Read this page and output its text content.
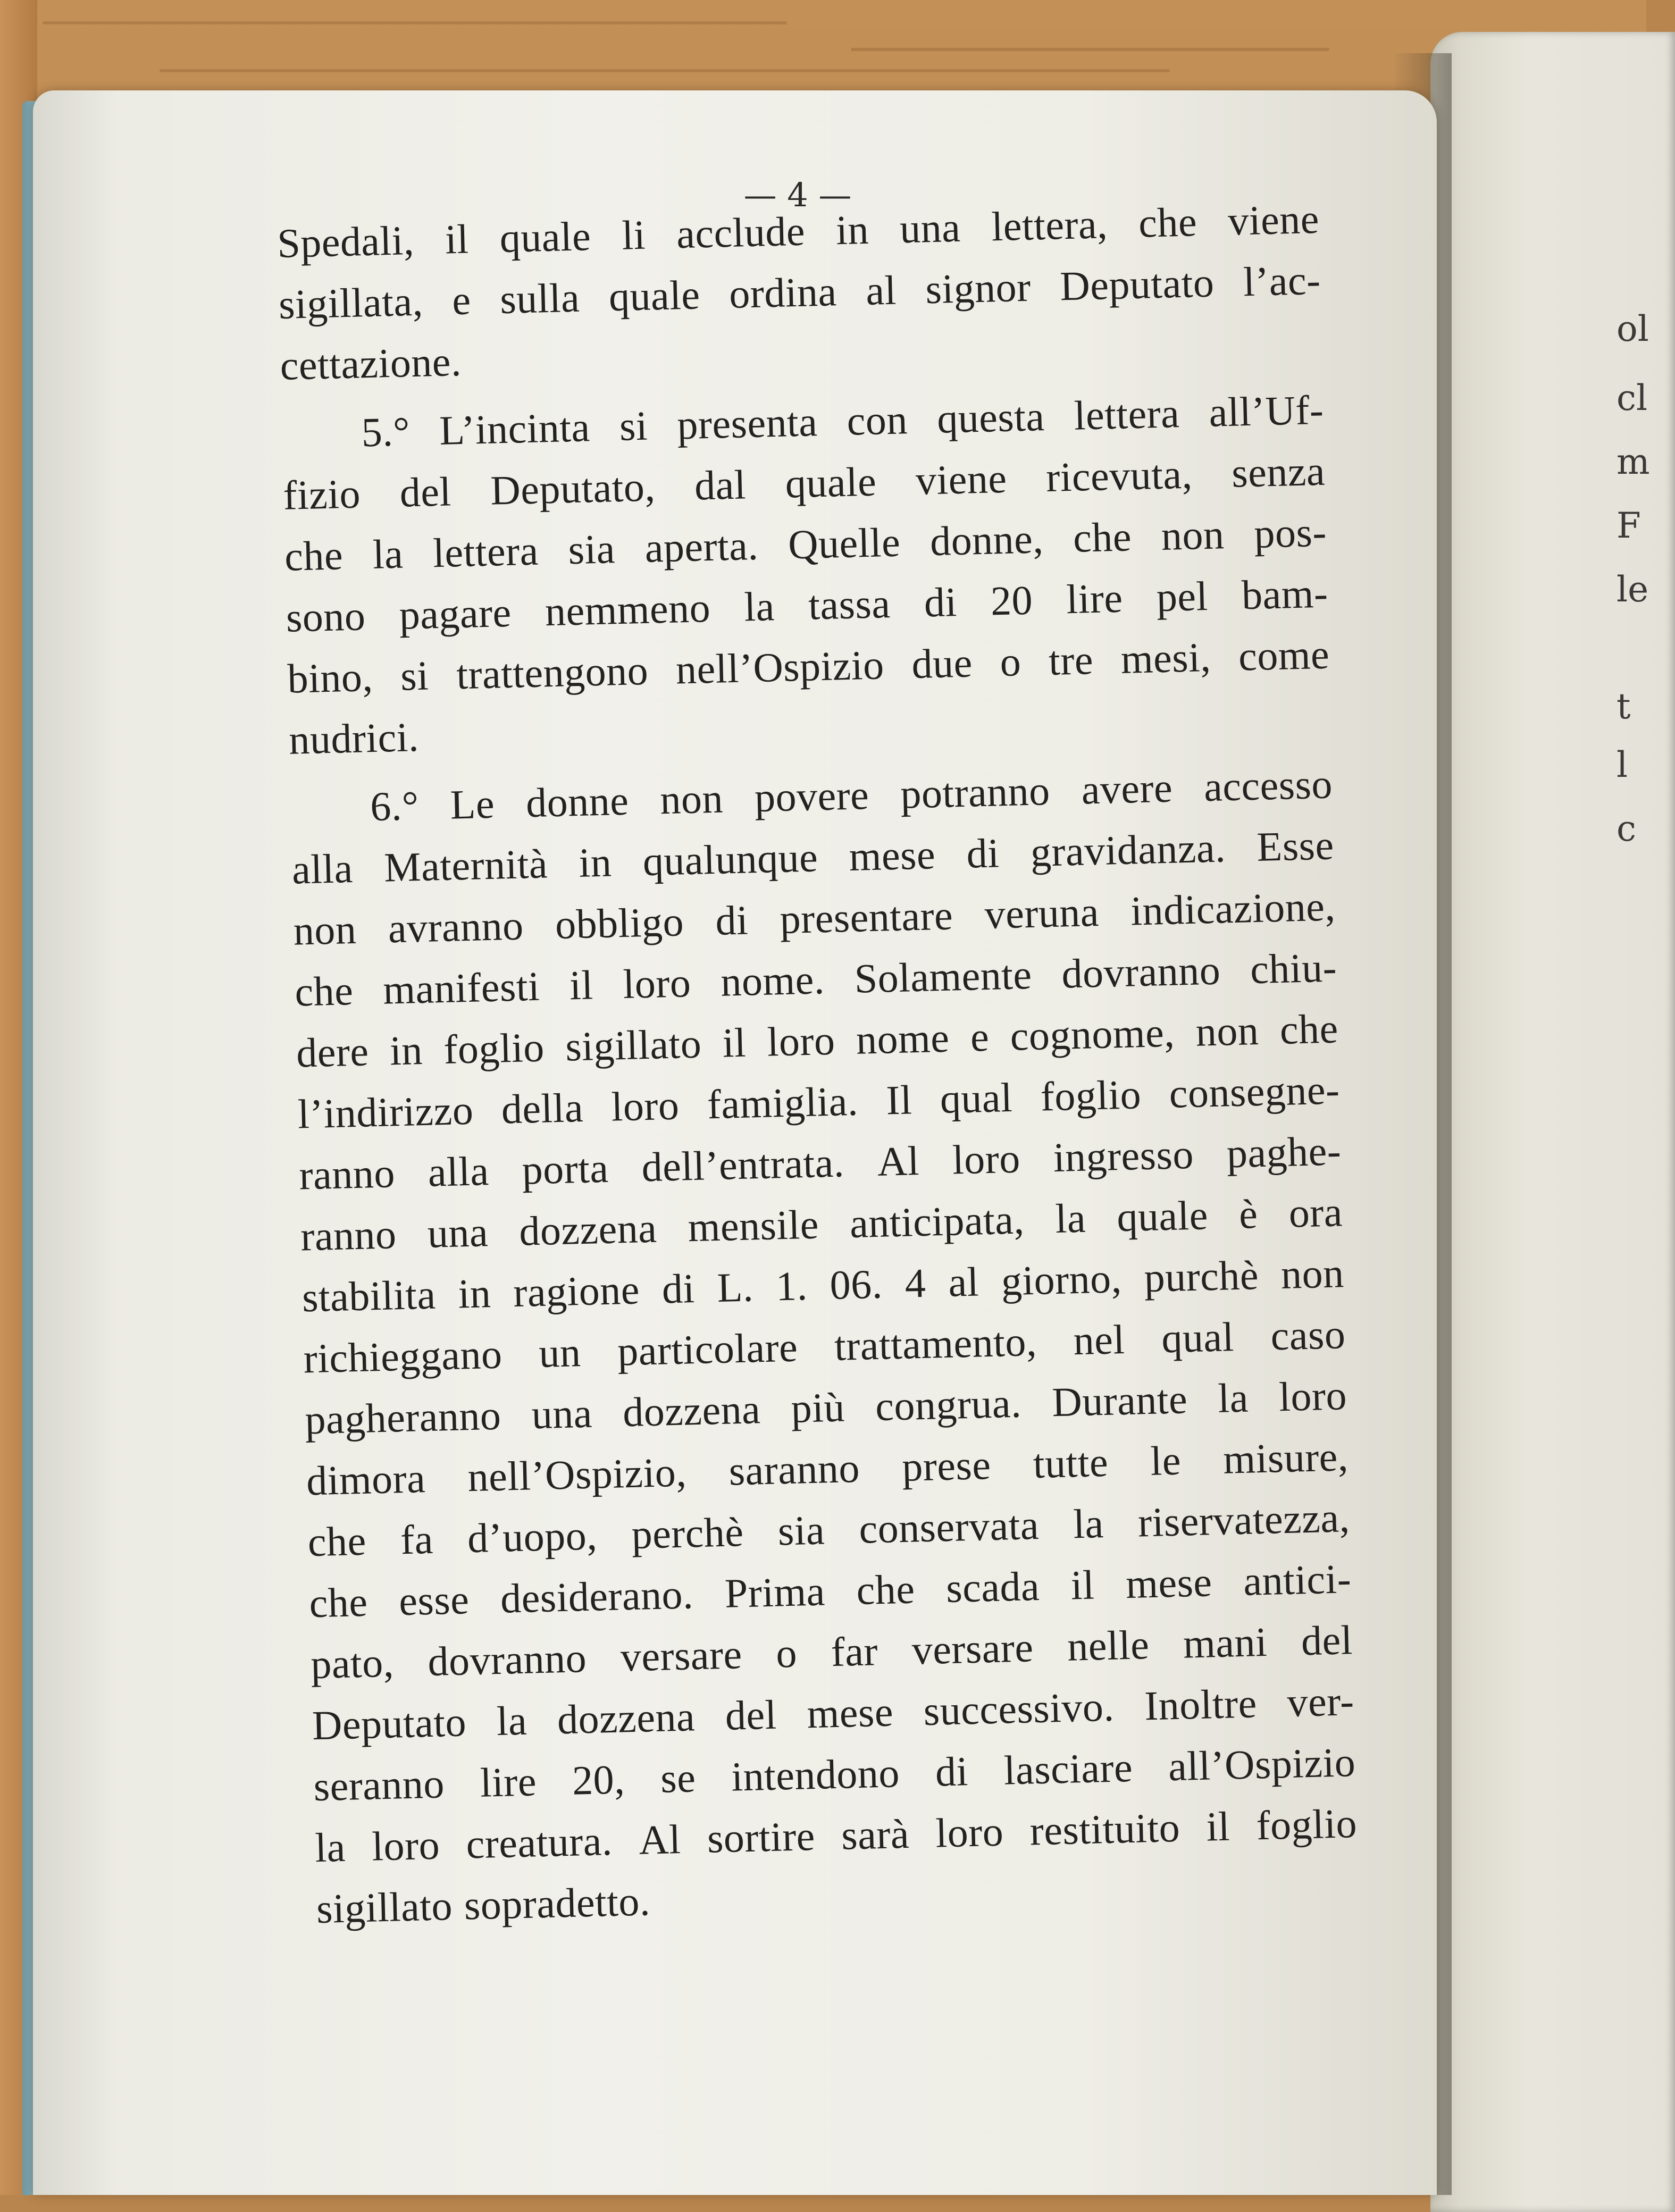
ol
cl
m
F
le
t
l
c
— 4 —
Spedali, il quale li acclude in una lettera, che viene
sigillata, e sulla quale ordina al signor Deputato l’ac-
cettazione.
5.° L’incinta si presenta con questa lettera all’Uf-
fizio del Deputato, dal quale viene ricevuta, senza
che la lettera sia aperta. Quelle donne, che non pos-
sono pagare nemmeno la tassa di 20 lire pel bam-
bino, si trattengono nell’Ospizio due o tre mesi, come
nudrici.
6.° Le donne non povere potranno avere accesso
alla Maternità in qualunque mese di gravidanza. Esse
non avranno obbligo di presentare veruna indicazione,
che manifesti il loro nome. Solamente dovranno chiu-
dere in foglio sigillato il loro nome e cognome, non che
l’indirizzo della loro famiglia. Il qual foglio consegne-
ranno alla porta dell’entrata. Al loro ingresso paghe-
ranno una dozzena mensile anticipata, la quale è ora
stabilita in ragione di L. 1. 06. 4 al giorno, purchè non
richieggano un particolare trattamento, nel qual caso
pagheranno una dozzena più congrua. Durante la loro
dimora nell’Ospizio, saranno prese tutte le misure,
che fa d’uopo, perchè sia conservata la riservatezza,
che esse desiderano. Prima che scada il mese antici-
pato, dovranno versare o far versare nelle mani del
Deputato la dozzena del mese successivo. Inoltre ver-
seranno lire 20, se intendono di lasciare all’Ospizio
la loro creatura. Al sortire sarà loro restituito il foglio
sigillato sopradetto.
